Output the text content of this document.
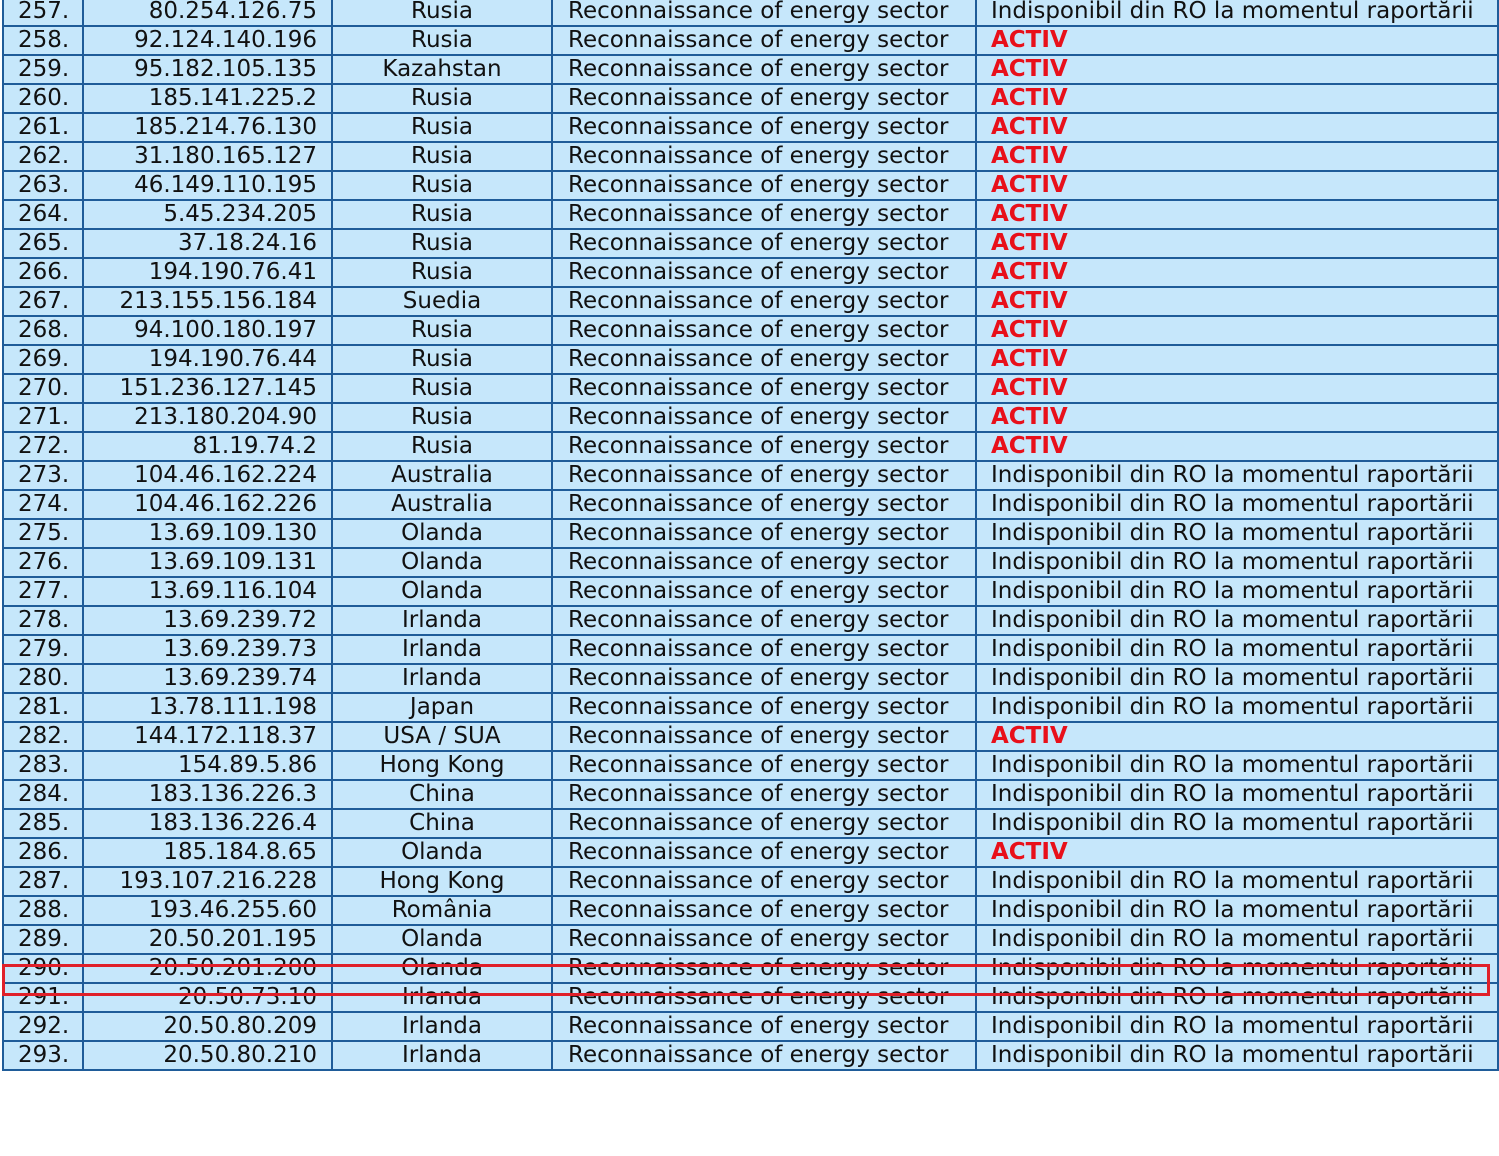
257.	80.254.126.75	Rusia	Reconnaissance of energy sector	Indisponibil din RO la momentul raportării
258.	92.124.140.196	Rusia	Reconnaissance of energy sector	ACTIV
259.	95.182.105.135	Kazahstan	Reconnaissance of energy sector	ACTIV
260.	185.141.225.2	Rusia	Reconnaissance of energy sector	ACTIV
261.	185.214.76.130	Rusia	Reconnaissance of energy sector	ACTIV
262.	31.180.165.127	Rusia	Reconnaissance of energy sector	ACTIV
263.	46.149.110.195	Rusia	Reconnaissance of energy sector	ACTIV
264.	5.45.234.205	Rusia	Reconnaissance of energy sector	ACTIV
265.	37.18.24.16	Rusia	Reconnaissance of energy sector	ACTIV
266.	194.190.76.41	Rusia	Reconnaissance of energy sector	ACTIV
267.	213.155.156.184	Suedia	Reconnaissance of energy sector	ACTIV
268.	94.100.180.197	Rusia	Reconnaissance of energy sector	ACTIV
269.	194.190.76.44	Rusia	Reconnaissance of energy sector	ACTIV
270.	151.236.127.145	Rusia	Reconnaissance of energy sector	ACTIV
271.	213.180.204.90	Rusia	Reconnaissance of energy sector	ACTIV
272.	81.19.74.2	Rusia	Reconnaissance of energy sector	ACTIV
273.	104.46.162.224	Australia	Reconnaissance of energy sector	Indisponibil din RO la momentul raportării
274.	104.46.162.226	Australia	Reconnaissance of energy sector	Indisponibil din RO la momentul raportării
275.	13.69.109.130	Olanda	Reconnaissance of energy sector	Indisponibil din RO la momentul raportării
276.	13.69.109.131	Olanda	Reconnaissance of energy sector	Indisponibil din RO la momentul raportării
277.	13.69.116.104	Olanda	Reconnaissance of energy sector	Indisponibil din RO la momentul raportării
278.	13.69.239.72	Irlanda	Reconnaissance of energy sector	Indisponibil din RO la momentul raportării
279.	13.69.239.73	Irlanda	Reconnaissance of energy sector	Indisponibil din RO la momentul raportării
280.	13.69.239.74	Irlanda	Reconnaissance of energy sector	Indisponibil din RO la momentul raportării
281.	13.78.111.198	Japan	Reconnaissance of energy sector	Indisponibil din RO la momentul raportării
282.	144.172.118.37	USA / SUA	Reconnaissance of energy sector	ACTIV
283.	154.89.5.86	Hong Kong	Reconnaissance of energy sector	Indisponibil din RO la momentul raportării
284.	183.136.226.3	China	Reconnaissance of energy sector	Indisponibil din RO la momentul raportării
285.	183.136.226.4	China	Reconnaissance of energy sector	Indisponibil din RO la momentul raportării
286.	185.184.8.65	Olanda	Reconnaissance of energy sector	ACTIV
287.	193.107.216.228	Hong Kong	Reconnaissance of energy sector	Indisponibil din RO la momentul raportării
288.	193.46.255.60	România	Reconnaissance of energy sector	Indisponibil din RO la momentul raportării
289.	20.50.201.195	Olanda	Reconnaissance of energy sector	Indisponibil din RO la momentul raportării
290.	20.50.201.200	Olanda	Reconnaissance of energy sector	Indisponibil din RO la momentul raportării
291.	20.50.73.10	Irlanda	Reconnaissance of energy sector	Indisponibil din RO la momentul raportării
292.	20.50.80.209	Irlanda	Reconnaissance of energy sector	Indisponibil din RO la momentul raportării
293.	20.50.80.210	Irlanda	Reconnaissance of energy sector	Indisponibil din RO la momentul raportării
